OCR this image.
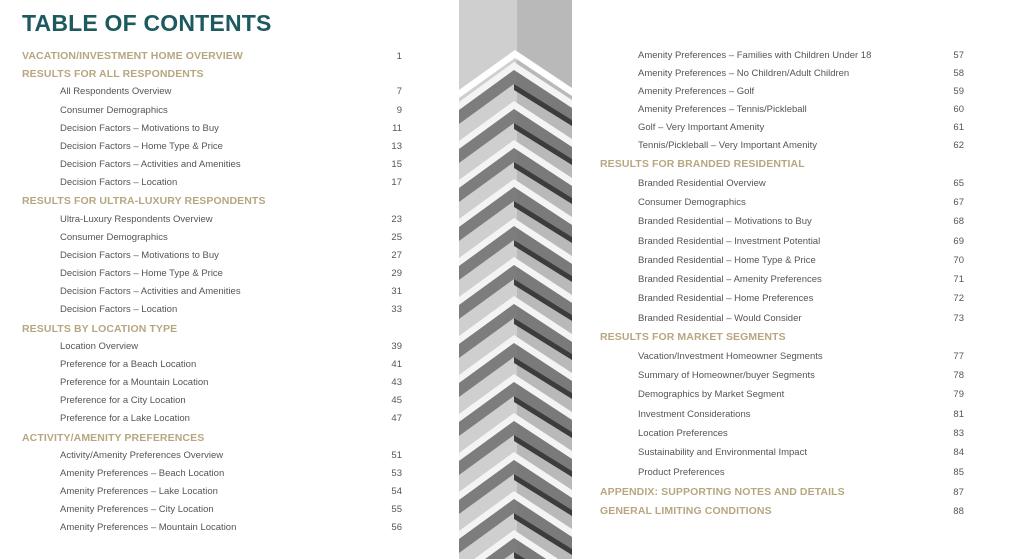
TABLE OF CONTENTS
VACATION/INVESTMENT HOME OVERVIEW	1
RESULTS FOR ALL RESPONDENTS
All Respondents Overview	7
Consumer Demographics	9
Decision Factors – Motivations to Buy	11
Decision Factors – Home Type & Price	13
Decision Factors – Activities and Amenities	15
Decision Factors – Location	17
RESULTS FOR ULTRA-LUXURY RESPONDENTS
Ultra-Luxury Respondents Overview	23
Consumer Demographics	25
Decision Factors – Motivations to Buy	27
Decision Factors – Home Type & Price	29
Decision Factors – Activities and Amenities	31
Decision Factors – Location	33
RESULTS BY LOCATION TYPE
Location Overview	39
Preference for a Beach Location	41
Preference for a Mountain Location	43
Preference for a City Location	45
Preference for a Lake Location	47
ACTIVITY/AMENITY PREFERENCES
Activity/Amenity Preferences Overview	51
Amenity Preferences – Beach Location	53
Amenity Preferences – Lake Location	54
Amenity Preferences – City Location	55
Amenity Preferences – Mountain Location	56
Amenity Preferences – Families with Children Under 18	57
Amenity Preferences – No Children/Adult Children	58
Amenity Preferences – Golf	59
Amenity Preferences – Tennis/Pickleball	60
Golf – Very Important Amenity	61
Tennis/Pickleball – Very Important Amenity	62
RESULTS FOR BRANDED RESIDENTIAL
Branded Residential Overview	65
Consumer Demographics	67
Branded Residential – Motivations to Buy	68
Branded Residential – Investment Potential	69
Branded Residential – Home Type & Price	70
Branded Residential – Amenity Preferences	71
Branded Residential – Home Preferences	72
Branded Residential – Would Consider	73
RESULTS FOR MARKET SEGMENTS
Vacation/Investment Homeowner Segments	77
Summary of Homeowner/buyer Segments	78
Demographics by Market Segment	79
Investment Considerations	81
Location Preferences	83
Sustainability and Environmental Impact	84
Product Preferences	85
APPENDIX: SUPPORTING NOTES AND DETAILS	87
GENERAL LIMITING CONDITIONS	88
